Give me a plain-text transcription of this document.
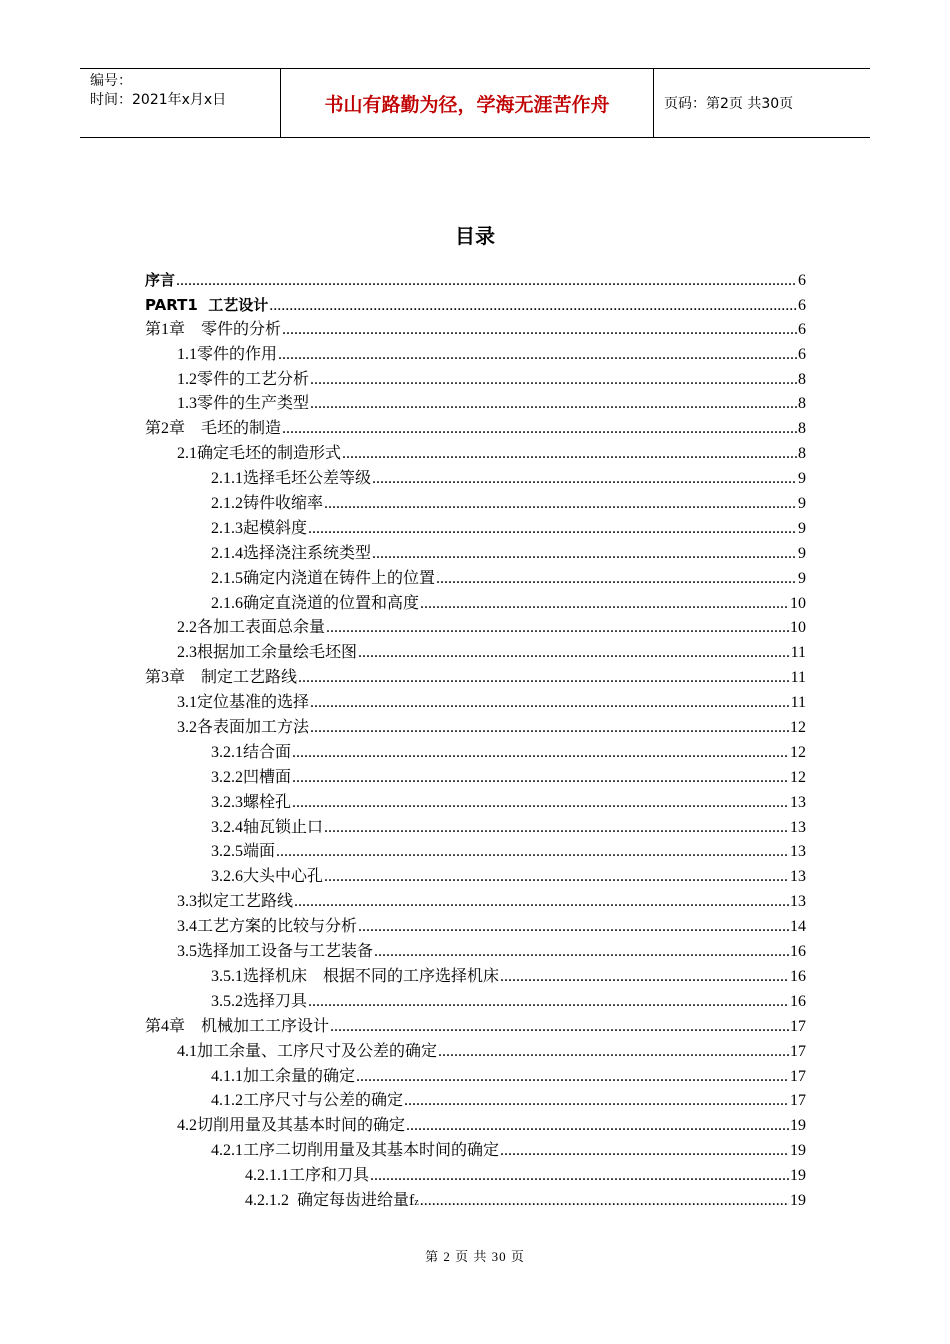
编号：
时间：2021年x月x日	书山有路勤为径，学海无涯苦作舟	页码：第2页 共30页
目录
序言 .....	6
PART1  工艺设计 .....	6
第1章    零件的分析 .....	6
1.1零件的作用 .....	6
1.2零件的工艺分析 .....	8
1.3零件的生产类型 .....	8
第2章    毛坯的制造 .....	8
2.1确定毛坯的制造形式 .....	8
2.1.1选择毛坯公差等级 .....	9
2.1.2铸件收缩率 .....	9
2.1.3起模斜度 .....	9
2.1.4选择浇注系统类型 .....	9
2.1.5确定内浇道在铸件上的位置 .....	9
2.1.6确定直浇道的位置和高度 .....	10
2.2各加工表面总余量 .....	10
2.3根据加工余量绘毛坯图 .....	11
第3章    制定工艺路线 .....	11
3.1定位基准的选择 .....	11
3.2各表面加工方法 .....	12
3.2.1结合面 .....	12
3.2.2凹槽面 .....	12
3.2.3螺栓孔 .....	13
3.2.4轴瓦锁止口 .....	13
3.2.5端面 .....	13
3.2.6大头中心孔 .....	13
3.3拟定工艺路线 .....	13
3.4工艺方案的比较与分析 .....	14
3.5选择加工设备与工艺装备 .....	16
3.5.1选择机床    根据不同的工序选择机床 .....	16
3.5.2选择刀具 .....	16
第4章    机械加工工序设计 .....	17
4.1加工余量、工序尺寸及公差的确定 .....	17
4.1.1加工余量的确定 .....	17
4.1.2工序尺寸与公差的确定 .....	17
4.2切削用量及其基本时间的确定 .....	19
4.2.1工序二切削用量及其基本时间的确定 .....	19
4.2.1.1工序和刀具 .....	19
4.2.1.2  确定每齿进给量f z .....	19
第 2 页 共 30 页
